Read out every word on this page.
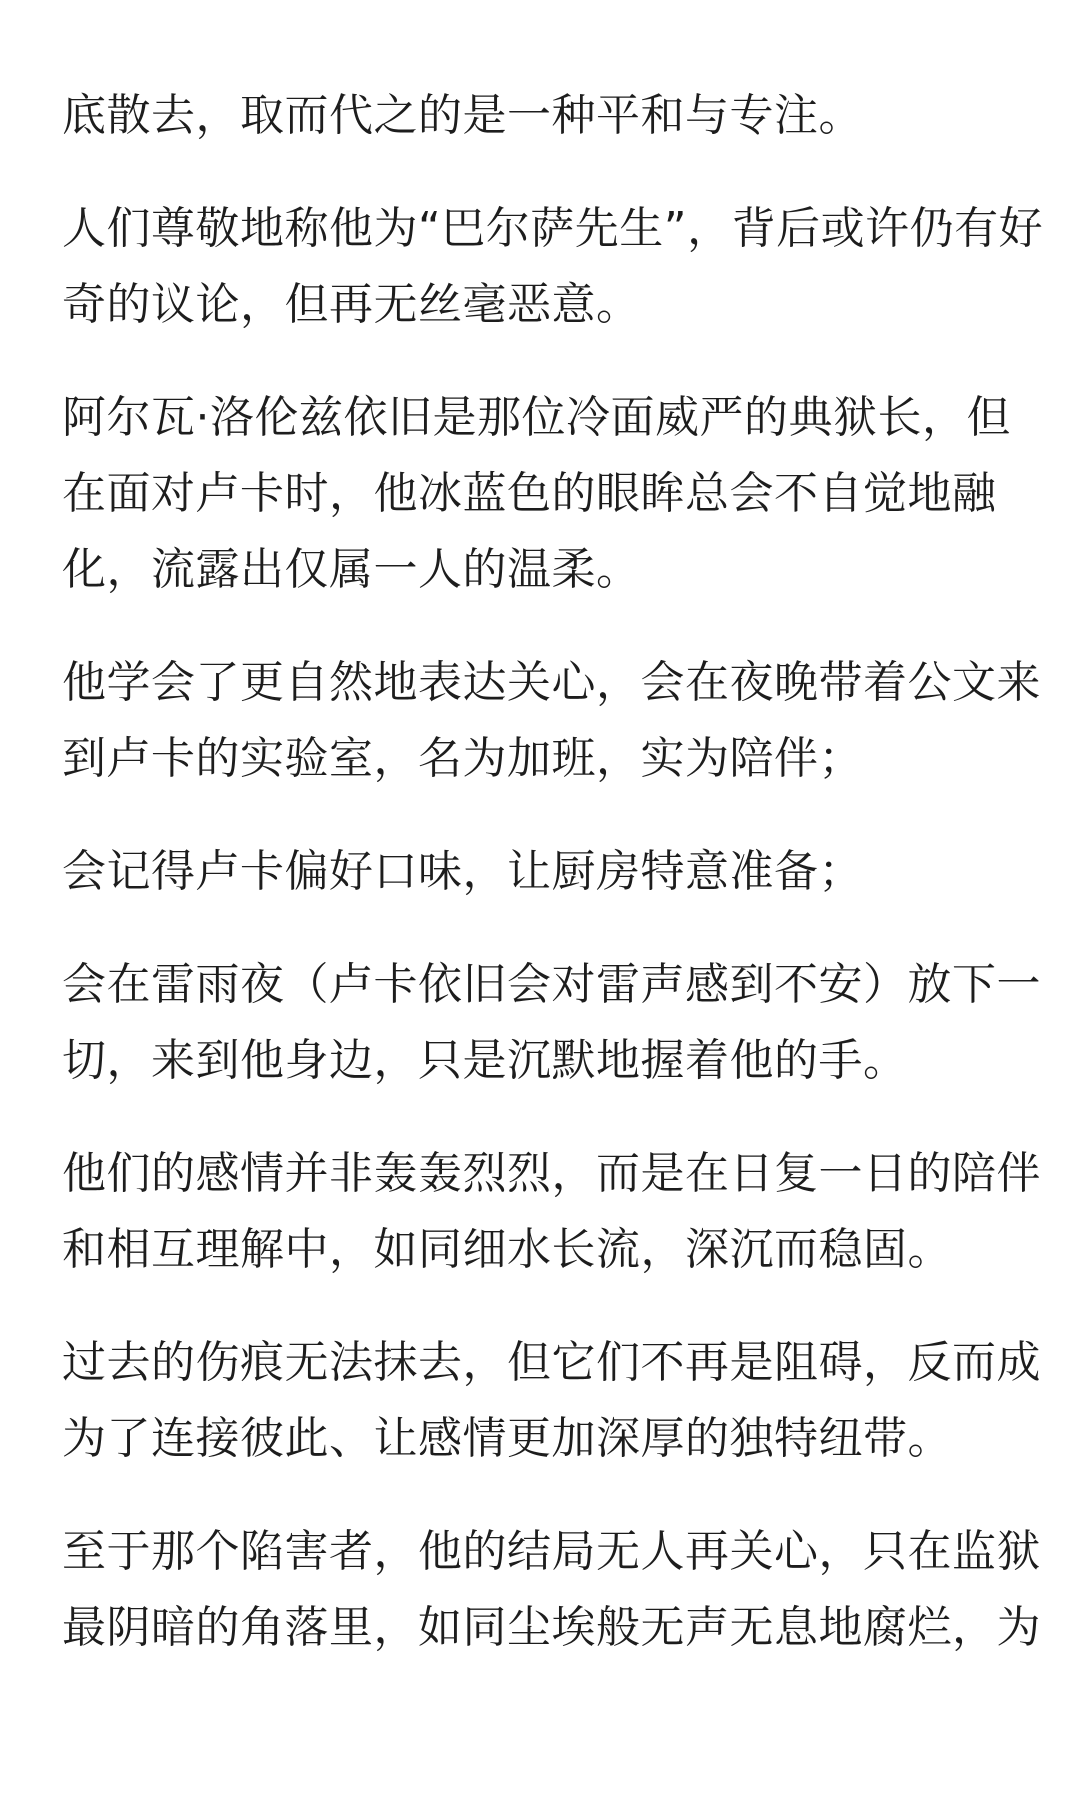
底散去，取而代之的是一种平和与专注。

人们尊敬地称他为“巴尔萨先生”，背后或许仍有好
奇的议论，但再无丝毫恶意。

阿尔瓦·洛伦兹依旧是那位冷面威严的典狱长，但
在面对卢卡时，他冰蓝色的眼眸总会不自觉地融
化，流露出仅属一人的温柔。

他学会了更自然地表达关心，会在夜晚带着公文来
到卢卡的实验室，名为加班，实为陪伴；

会记得卢卡偏好口味，让厨房特意准备；

会在雷雨夜（卢卡依旧会对雷声感到不安）放下一
切，来到他身边，只是沉默地握着他的手。

他们的感情并非轰轰烈烈，而是在日复一日的陪伴
和相互理解中，如同细水长流，深沉而稳固。

过去的伤痕无法抹去，但它们不再是阻碍，反而成
为了连接彼此、让感情更加深厚的独特纽带。

至于那个陷害者，他的结局无人再关心，只在监狱
最阴暗的角落里，如同尘埃般无声无息地腐烂，为
